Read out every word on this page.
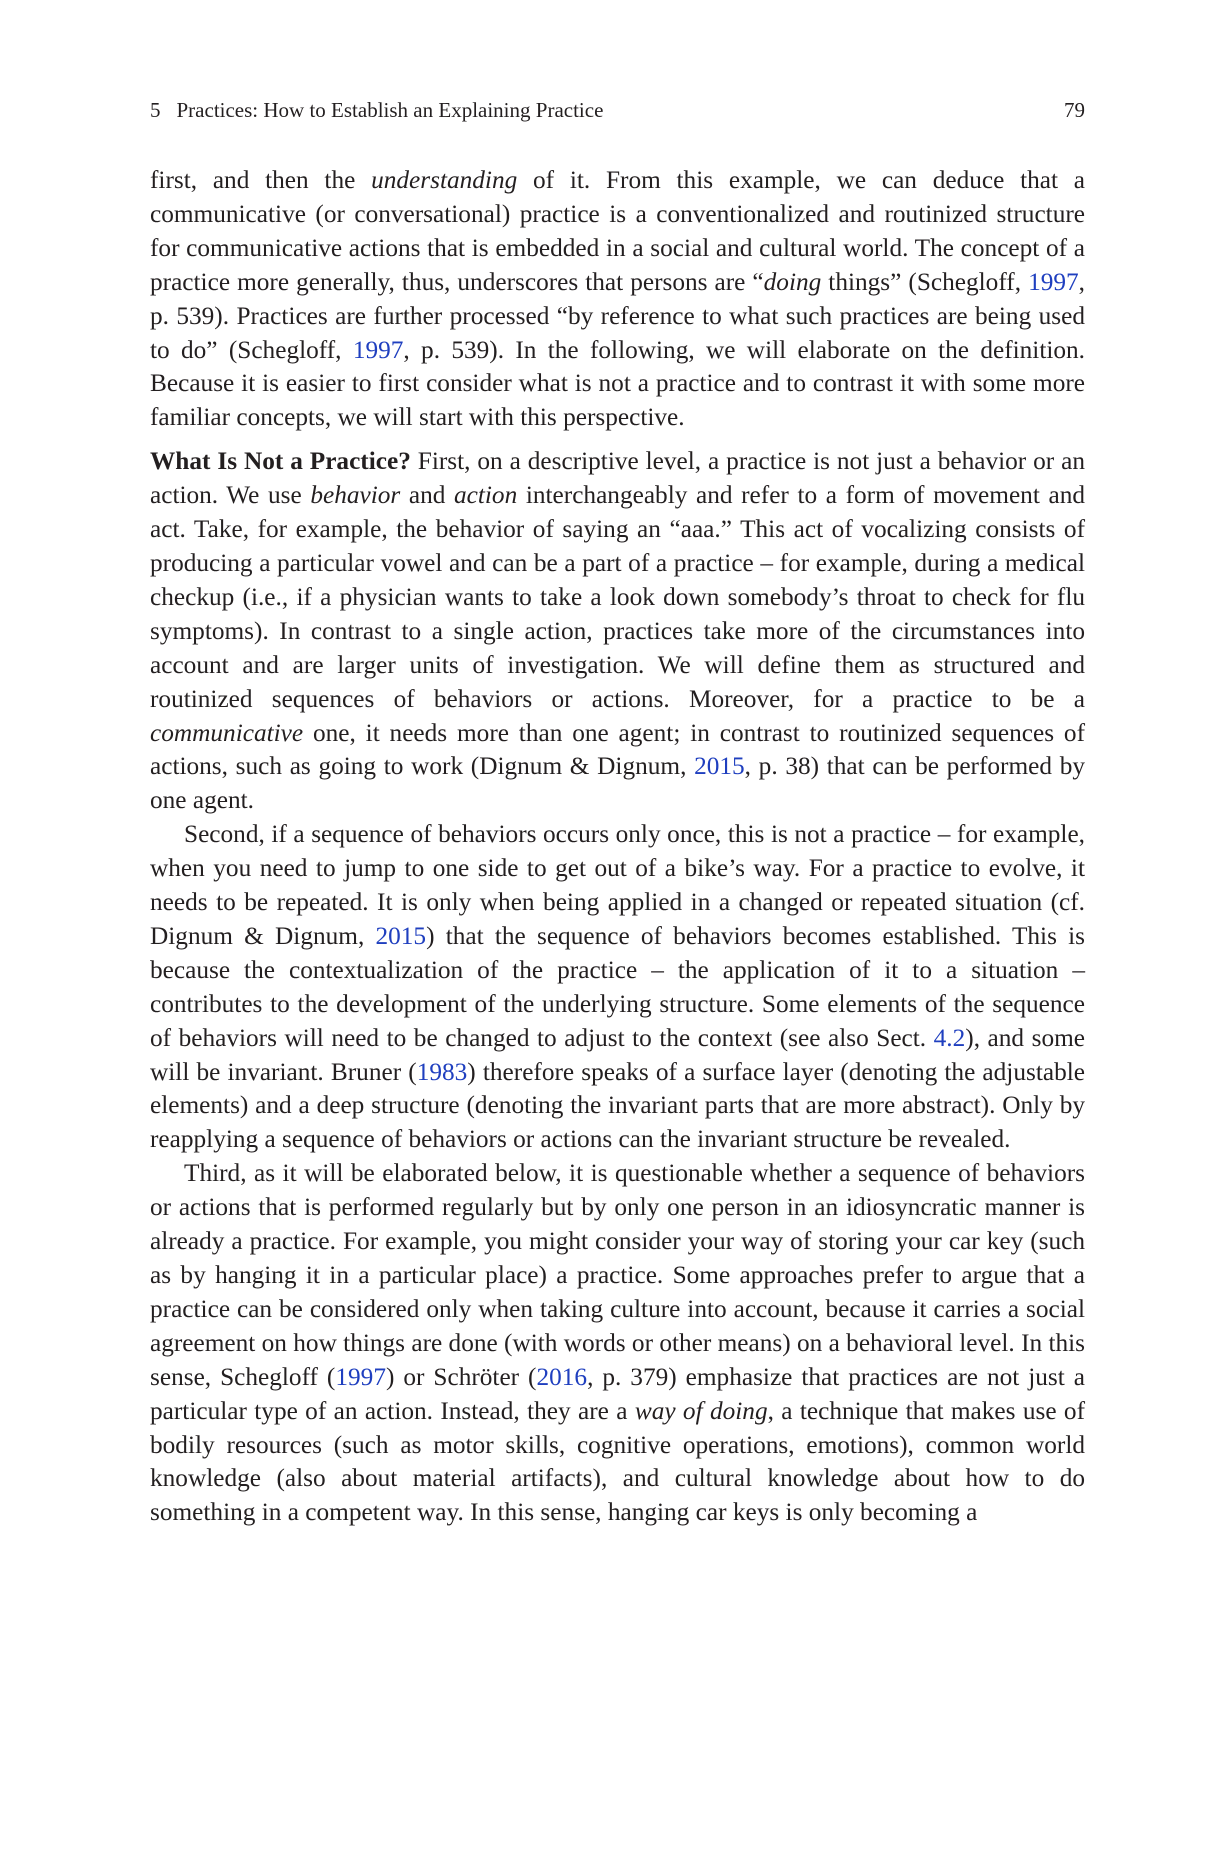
5 Practices: How to Establish an Explaining Practice	79

first, and then the understanding of it. From this example, we can deduce that a communicative (or conversational) practice is a conventionalized and routinized structure for communicative actions that is embedded in a social and cultural world. The concept of a practice more generally, thus, underscores that persons are “doing things” (Schegloff, 1997, p. 539). Practices are further processed “by reference to what such practices are being used to do” (Schegloff, 1997, p. 539). In the following, we will elaborate on the definition. Because it is easier to first consider what is not a practice and to contrast it with some more familiar concepts, we will start with this perspective.

What Is Not a Practice? First, on a descriptive level, a practice is not just a behavior or an action. We use behavior and action interchangeably and refer to a form of movement and act. Take, for example, the behavior of saying an “aaa.” This act of vocalizing consists of producing a particular vowel and can be a part of a practice – for example, during a medical checkup (i.e., if a physician wants to take a look down somebody’s throat to check for flu symptoms). In contrast to a single action, practices take more of the circumstances into account and are larger units of investigation. We will define them as structured and routinized sequences of behaviors or actions. Moreover, for a practice to be a communicative one, it needs more than one agent; in contrast to routinized sequences of actions, such as going to work (Dignum & Dignum, 2015, p. 38) that can be performed by one agent.

Second, if a sequence of behaviors occurs only once, this is not a practice – for example, when you need to jump to one side to get out of a bike’s way. For a practice to evolve, it needs to be repeated. It is only when being applied in a changed or repeated situation (cf. Dignum & Dignum, 2015) that the sequence of behaviors becomes established. This is because the contextualization of the practice – the application of it to a situation – contributes to the development of the underlying structure. Some elements of the sequence of behaviors will need to be changed to adjust to the context (see also Sect. 4.2), and some will be invariant. Bruner (1983) therefore speaks of a surface layer (denoting the adjustable elements) and a deep structure (denoting the invariant parts that are more abstract). Only by reapplying a sequence of behaviors or actions can the invariant structure be revealed.

Third, as it will be elaborated below, it is questionable whether a sequence of behaviors or actions that is performed regularly but by only one person in an idiosyncratic manner is already a practice. For example, you might consider your way of storing your car key (such as by hanging it in a particular place) a practice. Some approaches prefer to argue that a practice can be considered only when taking culture into account, because it carries a social agreement on how things are done (with words or other means) on a behavioral level. In this sense, Schegloff (1997) or Schröter (2016, p. 379) emphasize that practices are not just a particular type of an action. Instead, they are a way of doing, a technique that makes use of bodily resources (such as motor skills, cognitive operations, emotions), common world knowledge (also about material artifacts), and cultural knowledge about how to do something in a competent way. In this sense, hanging car keys is only becoming a
